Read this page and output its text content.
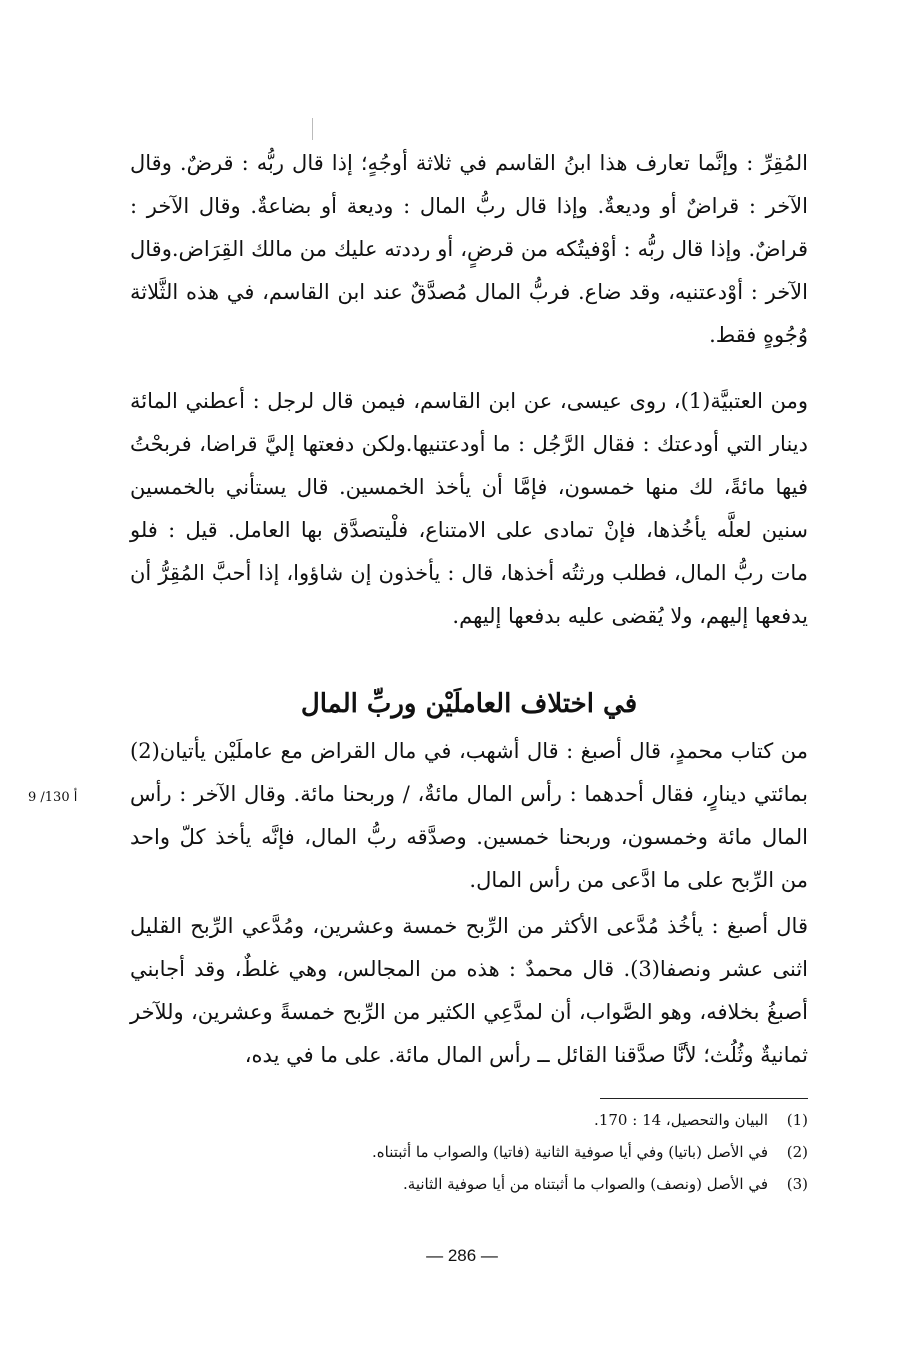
المُقِرِّ : وإنَّما تعارف هذا ابنُ القاسم في ثلاثة أوجُهٍ؛ إذا قال ربُّه : قرضٌ. وقال الآخر : قراضٌ أو وديعةٌ. وإذا قال ربُّ المال : وديعة أو بضاعةٌ. وقال الآخر : قراضٌ. وإذا قال ربُّه : أوْفيتُكه من قرضٍ، أو رددته عليك من مالك القِرَاض.وقال الآخر : أوْدعتنيه، وقد ضاع. فربُّ المال مُصدَّقٌ عند ابن القاسم، في هذه الثَّلاثة وُجُوهٍ فقط.

ومن العتبيَّة(1)، روى عيسى، عن ابن القاسم، فيمن قال لرجل : أعطني المائة دينار التي أودعتك : فقال الرَّجُل : ما أودعتنيها.ولكن دفعتها إليَّ قراضا، فربحْتُ فيها مائةً، لك منها خمسون، فإمَّا أن يأخذ الخمسين. قال يستأني بالخمسين سنين لعلَّه يأخُذها، فإنْ تمادى على الامتناع، فلْيتصدَّق بها العامل. قيل : فلو مات ربُّ المال، فطلب ورثتُه أخذها، قال : يأخذون إن شاؤوا، إذا أحبَّ المُقِرُّ أن يدفعها إليهم، ولا يُقضى عليه بدفعها إليهم.

في اختلاف العاملَيْن وربِّ المال

من كتاب محمدٍ، قال أصبغ : قال أشهب، في مال القراض مع عاملَيْن يأتيان(2) بمائتي دينارٍ، فقال أحدهما : رأس المال مائةٌ، / وربحنا مائة. وقال الآخر : رأس المال مائة وخمسون، وربحنا خمسين. وصدَّقه ربُّ المال، فإنَّه يأخذ كلّ واحد من الرِّبح على ما ادَّعى من رأس المال.

9 /130 أ

قال أصبغ : يأخُذ مُدَّعى الأكثر من الرِّبح خمسة وعشرين، ومُدَّعي الرِّبح القليل اثنى عشر ونصفا(3). قال محمدٌ : هذه من المجالس، وهي غلطٌ، وقد أجابني أصبغُ بخلافه، وهو الصَّواب، أن لمدَّعِي الكثير من الرِّبح خمسةً وعشرين، وللآخر ثمانيةٌ وثُلُث؛ لأنَّا صدَّقنا القائل ــ رأس المال مائة. على ما في يده،

(1)
البيان والتحصيل، 14 : 170.
(2)
في الأصل (باتيا) وفي أيا صوفية الثانية (فاتيا) والصواب ما أثبتناه.
(3)
في الأصل (ونصف) والصواب ما أثبتناه من أيا صوفية الثانية.
— 286 —
